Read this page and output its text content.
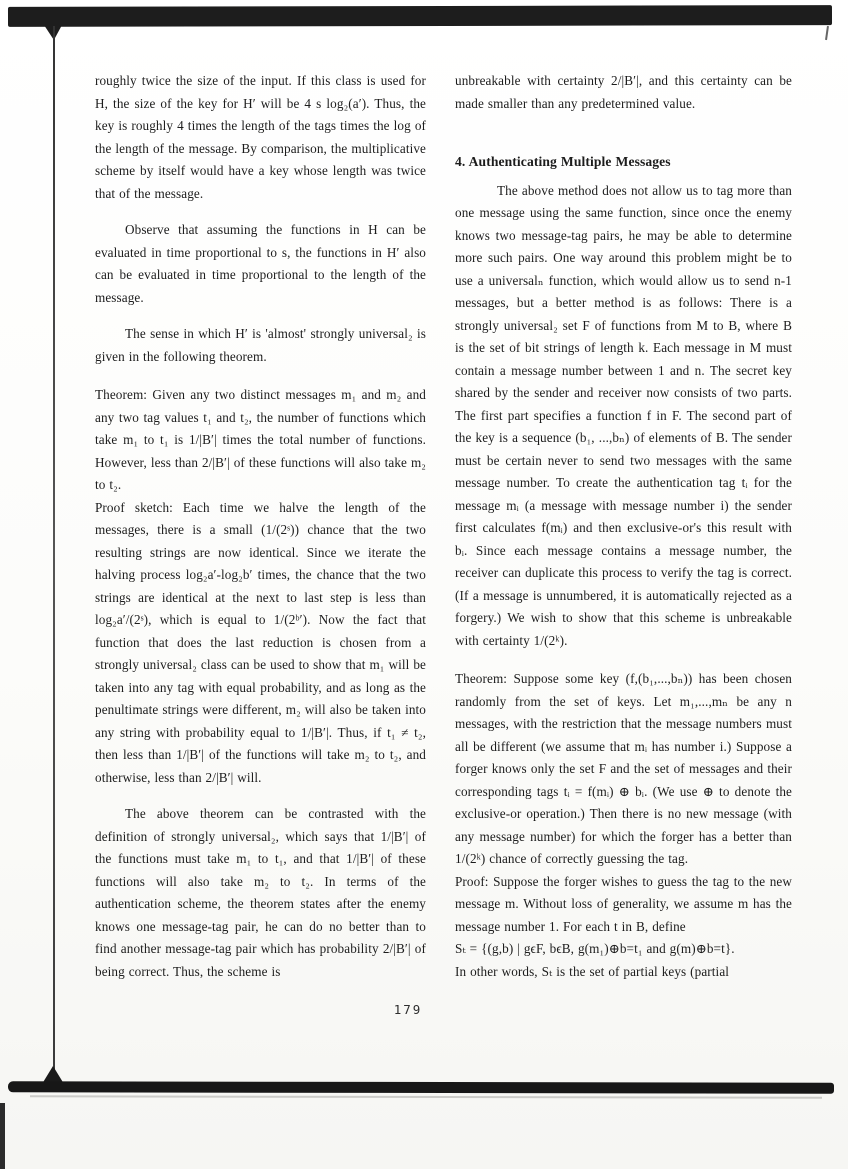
roughly twice the size of the input. If this class is used for H, the size of the key for H′ will be 4 s log₂(a′). Thus, the key is roughly 4 times the length of the tags times the log of the length of the message. By comparison, the multiplicative scheme by itself would have a key whose length was twice that of the message.

Observe that assuming the functions in H can be evaluated in time proportional to s, the functions in H′ also can be evaluated in time proportional to the length of the message.

The sense in which H′ is 'almost' strongly universal₂ is given in the following theorem.

Theorem: Given any two distinct messages m₁ and m₂ and any two tag values t₁ and t₂, the number of functions which take m₁ to t₁ is 1/|B′| times the total number of functions. However, less than 2/|B′| of these functions will also take m₂ to t₂.

Proof sketch: Each time we halve the length of the messages, there is a small (1/(2ˢ)) chance that the two resulting strings are now identical. Since we iterate the halving process log₂a′-log₂b′ times, the chance that the two strings are identical at the next to last step is less than log₂a′/(2ˢ), which is equal to 1/(2ᵇ′). Now the fact that function that does the last reduction is chosen from a strongly universal₂ class can be used to show that m₁ will be taken into any tag with equal probability, and as long as the penultimate strings were different, m₂ will also be taken into any string with probability equal to 1/|B′|. Thus, if t₁ ≠ t₂, then less than 1/|B′| of the functions will take m₂ to t₂, and otherwise, less than 2/|B′| will.

The above theorem can be contrasted with the definition of strongly universal₂, which says that 1/|B′| of the functions must take m₁ to t₁, and that 1/|B′| of these functions will also take m₂ to t₂. In terms of the authentication scheme, the theorem states after the enemy knows one message-tag pair, he can do no better than to find another message-tag pair which has probability 2/|B′| of being correct. Thus, the scheme is

unbreakable with certainty 2/|B′|, and this certainty can be made smaller than any predetermined value.

4. Authenticating Multiple Messages

The above method does not allow us to tag more than one message using the same function, since once the enemy knows two message-tag pairs, he may be able to determine more such pairs. One way around this problem might be to use a universalₙ function, which would allow us to send n-1 messages, but a better method is as follows: There is a strongly universal₂ set F of functions from M to B, where B is the set of bit strings of length k. Each message in M must contain a message number between 1 and n. The secret key shared by the sender and receiver now consists of two parts. The first part specifies a function f in F. The second part of the key is a sequence (b₁, ...,bₙ) of elements of B. The sender must be certain never to send two messages with the same message number. To create the authentication tag tᵢ for the message mᵢ (a message with message number i) the sender first calculates f(mᵢ) and then exclusive-or's this result with bᵢ. Since each message contains a message number, the receiver can duplicate this process to verify the tag is correct. (If a message is unnumbered, it is automatically rejected as a forgery.) We wish to show that this scheme is unbreakable with certainty 1/(2ᵏ).

Theorem: Suppose some key (f,(b₁,...,bₙ)) has been chosen randomly from the set of keys. Let m₁,...,mₙ be any n messages, with the restriction that the message numbers must all be different (we assume that mᵢ has number i.) Suppose a forger knows only the set F and the set of messages and their corresponding tags tᵢ = f(mᵢ) ⊕ bᵢ. (We use ⊕ to denote the exclusive-or operation.) Then there is no new message (with any message number) for which the forger has a better than 1/(2ᵏ) chance of correctly guessing the tag.

Proof: Suppose the forger wishes to guess the tag to the new message m. Without loss of generality, we assume m has the message number 1. For each t in B, define

Sₜ = {(g,b) | gϵF, bϵB, g(m₁)⊕b=t₁ and g(m)⊕b=t}.

In other words, Sₜ is the set of partial keys (partial

179
